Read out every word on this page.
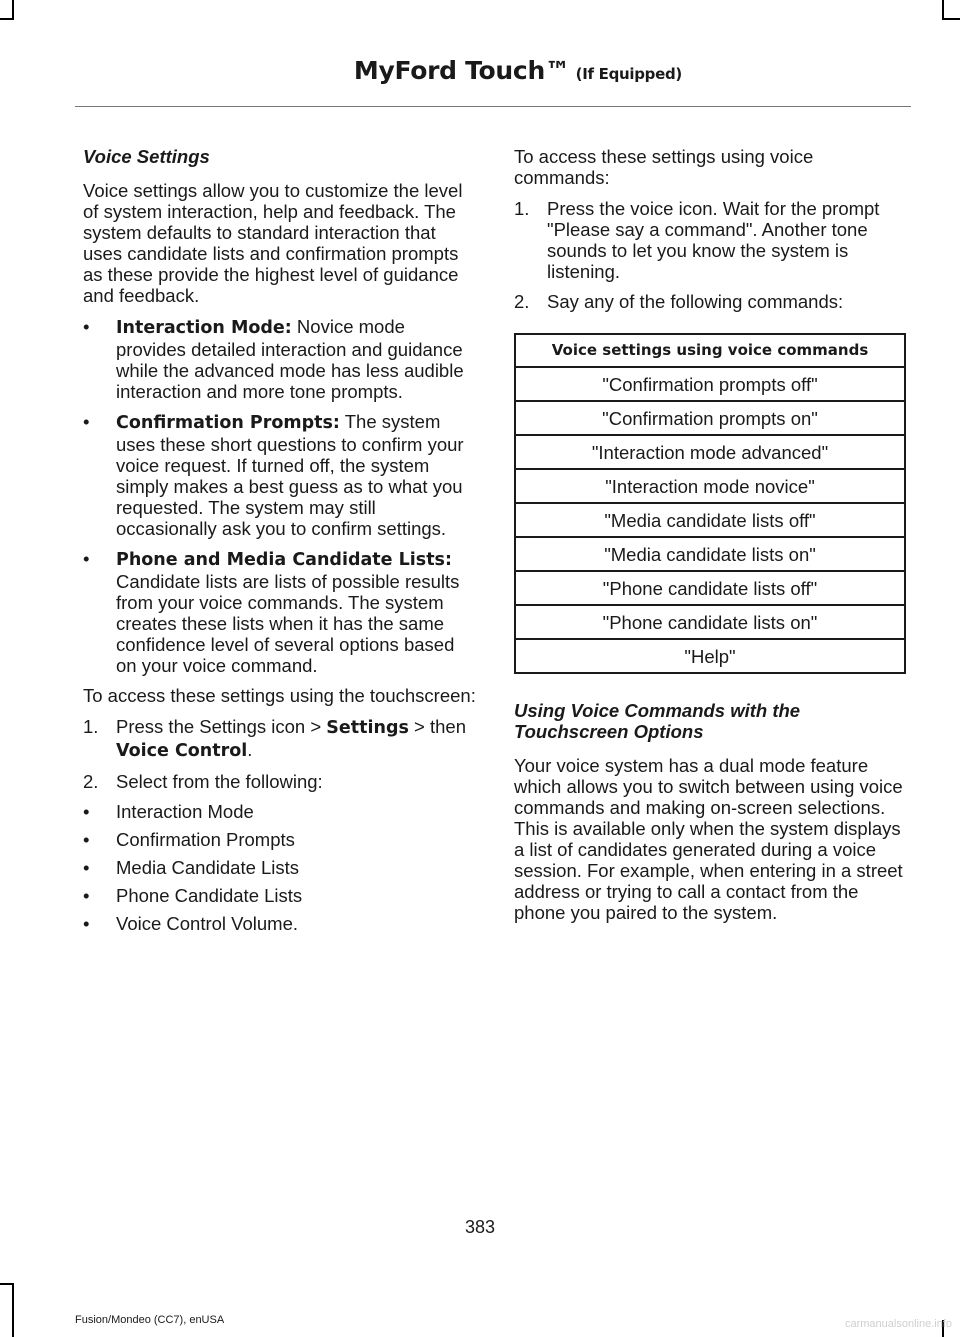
MyFord Touch™ (If Equipped)
Voice Settings

Voice settings allow you to customize the level of system interaction, help and feedback. The system defaults to standard interaction that uses candidate lists and confirmation prompts as these provide the highest level of guidance and feedback.

• Interaction Mode: Novice mode provides detailed interaction and guidance while the advanced mode has less audible interaction and more tone prompts.
• Confirmation Prompts: The system uses these short questions to confirm your voice request. If turned off, the system simply makes a best guess as to what you requested. The system may still occasionally ask you to confirm settings.
• Phone and Media Candidate Lists: Candidate lists are lists of possible results from your voice commands. The system creates these lists when it has the same confidence level of several options based on your voice command.

To access these settings using the touchscreen:

1. Press the Settings icon > Settings > then Voice Control.
2. Select from the following:
• Interaction Mode
• Confirmation Prompts
• Media Candidate Lists
• Phone Candidate Lists
• Voice Control Volume.

To access these settings using voice commands:

1. Press the voice icon. Wait for the prompt "Please say a command". Another tone sounds to let you know the system is listening.
2. Say any of the following commands:
Voice settings using voice commands
"Confirmation prompts off"
"Confirmation prompts on"
"Interaction mode advanced"
"Interaction mode novice"
"Media candidate lists off"
"Media candidate lists on"
"Phone candidate lists off"
"Phone candidate lists on"
"Help"
Using Voice Commands with the Touchscreen Options

Your voice system has a dual mode feature which allows you to switch between using voice commands and making on-screen selections. This is available only when the system displays a list of candidates generated during a voice session. For example, when entering in a street address or trying to call a contact from the phone you paired to the system.

383
Fusion/Mondeo (CC7), enUSA	carmanualsonline.info
